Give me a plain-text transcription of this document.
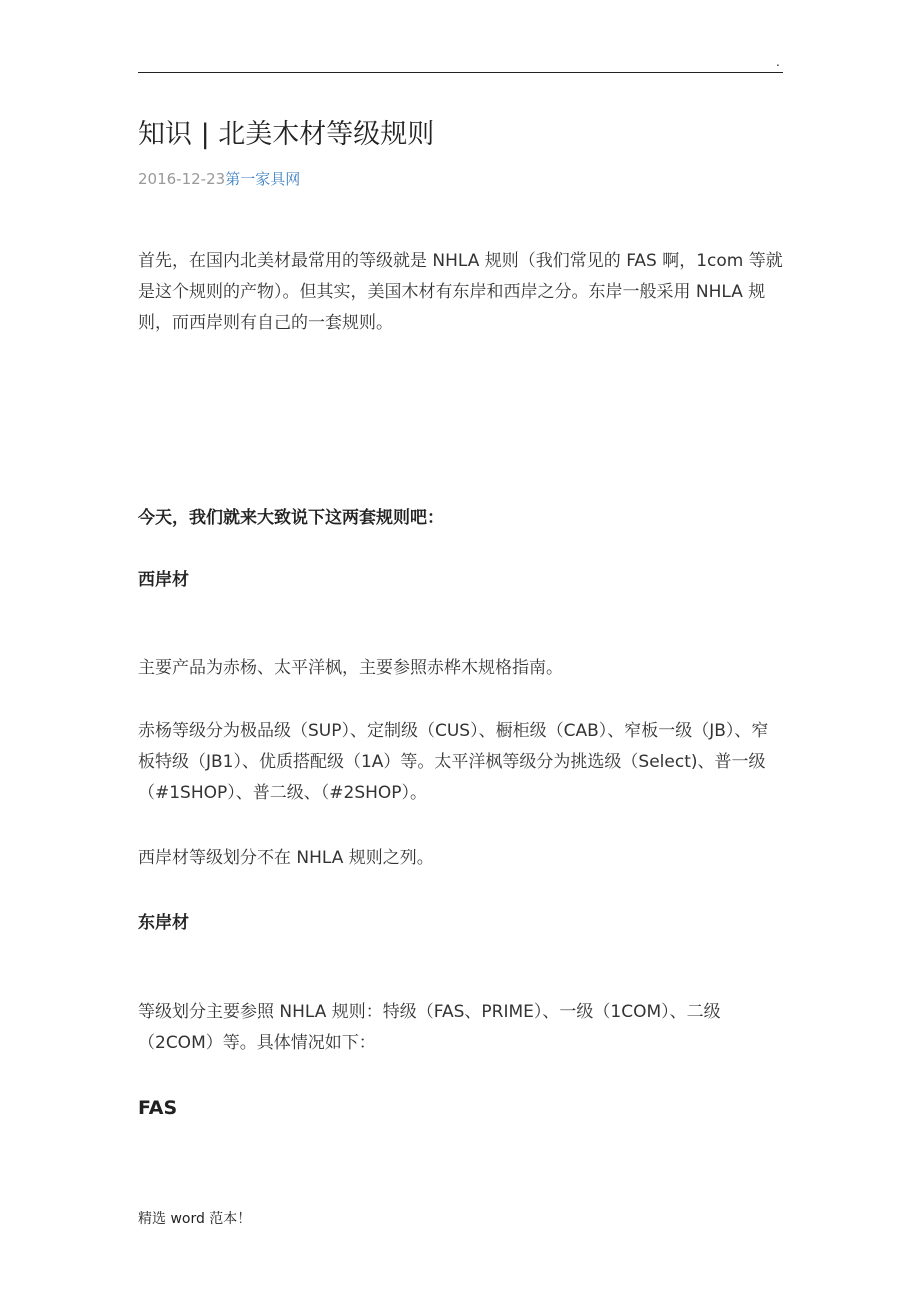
.
知识 | 北美木材等级规则
2016-12-23第一家具网

首先，在国内北美材最常用的等级就是 NHLA 规则（我们常见的 FAS 啊，1com 等就是这个规则的产物）。但其实，美国木材有东岸和西岸之分。东岸一般采用 NHLA 规则，而西岸则有自己的一套规则。

今天，我们就来大致说下这两套规则吧：

西岸材

主要产品为赤杨、太平洋枫，主要参照赤桦木规格指南。

赤杨等级分为极品级（SUP）、定制级（CUS）、橱柜级（CAB）、窄板一级（JB）、窄板特级（JB1）、优质搭配级（1A）等。太平洋枫等级分为挑选级（Select)、普一级（#1SHOP）、普二级、（#2SHOP）。

西岸材等级划分不在 NHLA 规则之列。

东岸材

等级划分主要参照 NHLA 规则：特级（FAS、PRIME）、一级（1COM）、二级（2COM）等。具体情况如下：

FAS

精选 word 范本！
